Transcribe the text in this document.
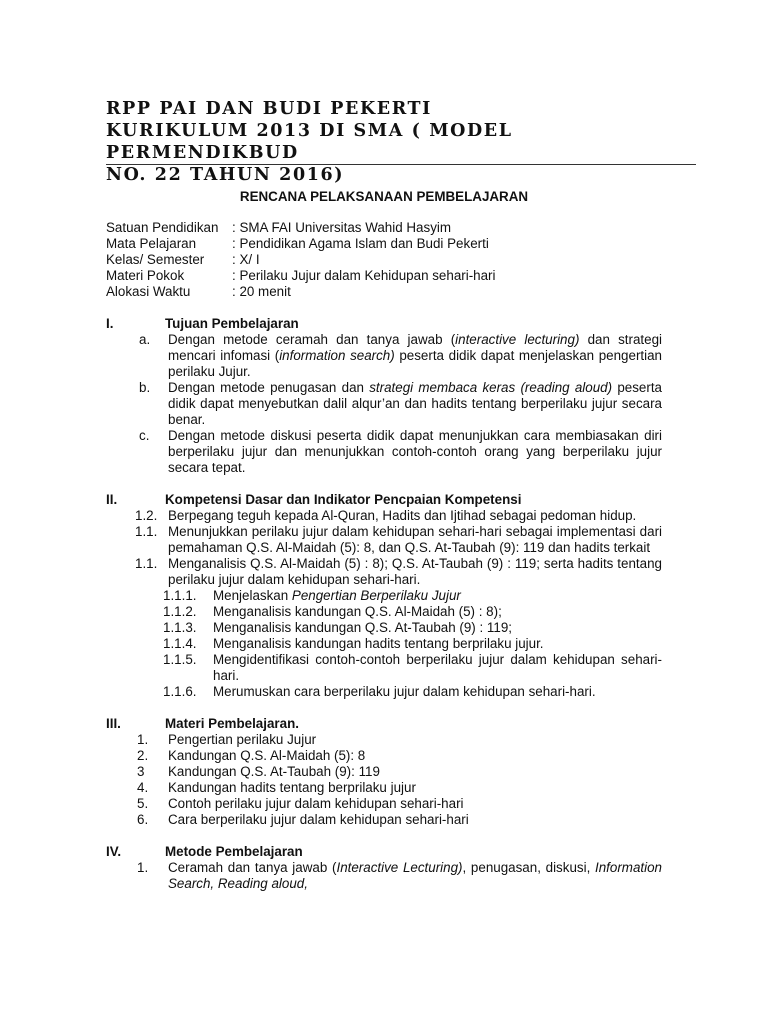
RPP PAI DAN BUDI PEKERTI
KURIKULUM 2013 DI SMA ( MODEL PERMENDIKBUD
NO. 22 TAHUN 2016)
RENCANA PELAKSANAAN PEMBELAJARAN
Satuan Pendidikan	: SMA FAI Universitas Wahid Hasyim
Mata Pelajaran	: Pendidikan Agama Islam dan Budi Pekerti
Kelas/ Semester	: X/ I
Materi Pokok	: Perilaku Jujur dalam Kehidupan sehari-hari
Alokasi Waktu	: 20 menit
I.	Tujuan Pembelajaran
a.	Dengan metode ceramah dan tanya jawab (interactive lecturing) dan strategi mencari infomasi (information search) peserta didik dapat menjelaskan pengertian perilaku Jujur.
b.	Dengan metode penugasan dan strategi membaca keras (reading aloud) peserta didik dapat menyebutkan dalil alqur’an dan hadits tentang berperilaku jujur secara benar.
c.	Dengan metode diskusi peserta didik dapat menunjukkan cara membiasakan diri berperilaku jujur dan menunjukkan contoh-contoh orang yang berperilaku jujur secara tepat.
II.	Kompetensi Dasar dan Indikator Pencpaian Kompetensi
1.2. Berpegang teguh kepada Al-Quran, Hadits dan Ijtihad sebagai pedoman hidup.
1.1. Menunjukkan perilaku jujur dalam kehidupan sehari-hari sebagai implementasi dari pemahaman Q.S. Al-Maidah (5): 8, dan Q.S. At-Taubah (9): 119 dan hadits terkait
1.1. Menganalisis Q.S. Al-Maidah (5) : 8); Q.S. At-Taubah (9) : 119; serta hadits tentang perilaku jujur dalam kehidupan sehari-hari.
1.1.1.	Menjelaskan Pengertian Berperilaku Jujur
1.1.2.	Menganalisis kandungan Q.S. Al-Maidah (5) : 8);
1.1.3.	Menganalisis kandungan Q.S. At-Taubah (9) : 119;
1.1.4.	Menganalisis kandungan hadits tentang berprilaku jujur.
1.1.5.	Mengidentifikasi contoh-contoh berperilaku jujur dalam kehidupan sehari-hari.
1.1.6.	Merumuskan cara berperilaku jujur dalam kehidupan sehari-hari.
III.	Materi Pembelajaran.
1.	Pengertian perilaku Jujur
2.	Kandungan Q.S. Al-Maidah (5): 8
3	Kandungan Q.S. At-Taubah (9): 119
4.	Kandungan hadits tentang berprilaku jujur
5.	Contoh perilaku jujur dalam kehidupan sehari-hari
6.	Cara berperilaku jujur dalam kehidupan sehari-hari
IV.	Metode Pembelajaran
1.	Ceramah dan tanya jawab (Interactive Lecturing), penugasan, diskusi, Information Search, Reading aloud,
